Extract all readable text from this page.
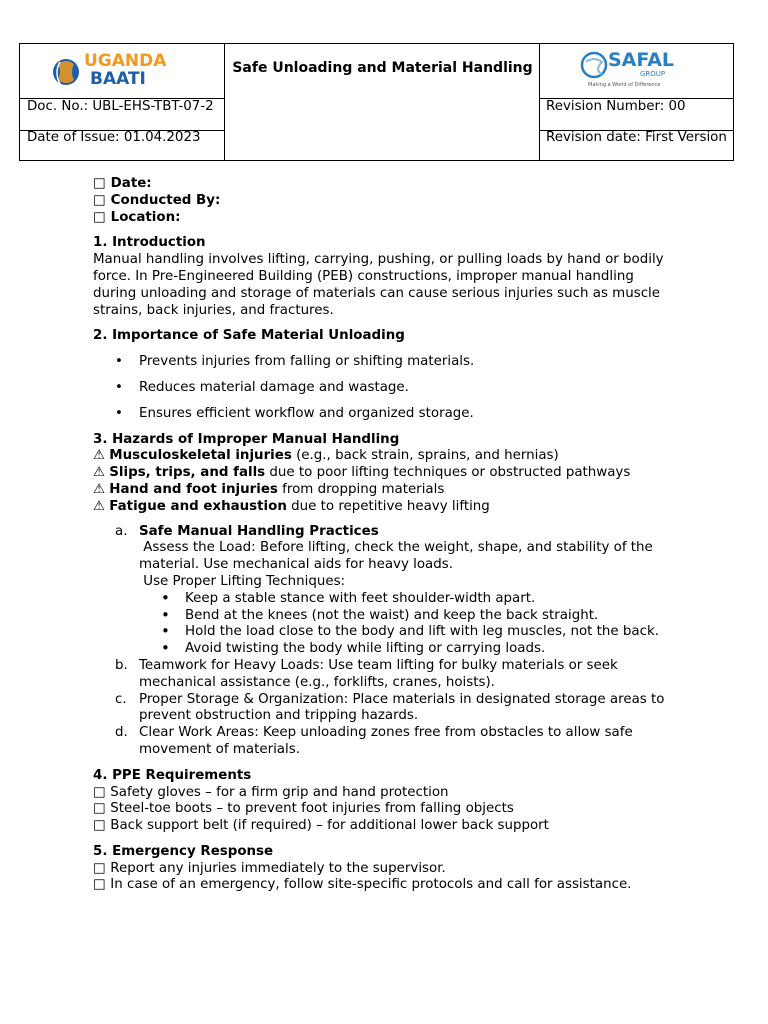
UGANDA
BAATI
Safe Unloading and Material Handling	SAFAL
GROUP
Making a World of Difference
Doc. No.: UBL-EHS-TBT-07-2
Date of Issue: 01.04.2023
Revision Number: 00
Revision date: First Version
□ Date:
□ Conducted By:
□ Location:
1. Introduction

Manual handling involves lifting, carrying, pushing, or pulling loads by hand or bodily force. In Pre-Engineered Building (PEB) constructions, improper manual handling during unloading and storage of materials can cause serious injuries such as muscle strains, back injuries, and fractures.

2. Importance of Safe Material Unloading
• Prevents injuries from falling or shifting materials.
• Reduces material damage and wastage.
• Ensures efficient workflow and organized storage.
3. Hazards of Improper Manual Handling
⚠ Musculoskeletal injuries (e.g., back strain, sprains, and hernias)
⚠ Slips, trips, and falls due to poor lifting techniques or obstructed pathways
⚠ Hand and foot injuries from dropping materials
⚠ Fatigue and exhaustion due to repetitive heavy lifting
a. Safe Manual Handling Practices
Assess the Load: Before lifting, check the weight, shape, and stability of the material. Use mechanical aids for heavy loads.
Use Proper Lifting Techniques:
• Keep a stable stance with feet shoulder-width apart.
• Bend at the knees (not the waist) and keep the back straight.
• Hold the load close to the body and lift with leg muscles, not the back.
• Avoid twisting the body while lifting or carrying loads.
b. Teamwork for Heavy Loads: Use team lifting for bulky materials or seek mechanical assistance (e.g., forklifts, cranes, hoists).
c. Proper Storage & Organization: Place materials in designated storage areas to prevent obstruction and tripping hazards.
d. Clear Work Areas: Keep unloading zones free from obstacles to allow safe movement of materials.
4. PPE Requirements
□ Safety gloves – for a firm grip and hand protection
□ Steel-toe boots – to prevent foot injuries from falling objects
□ Back support belt (if required) – for additional lower back support
5. Emergency Response
□ Report any injuries immediately to the supervisor.
□ In case of an emergency, follow site-specific protocols and call for assistance.
